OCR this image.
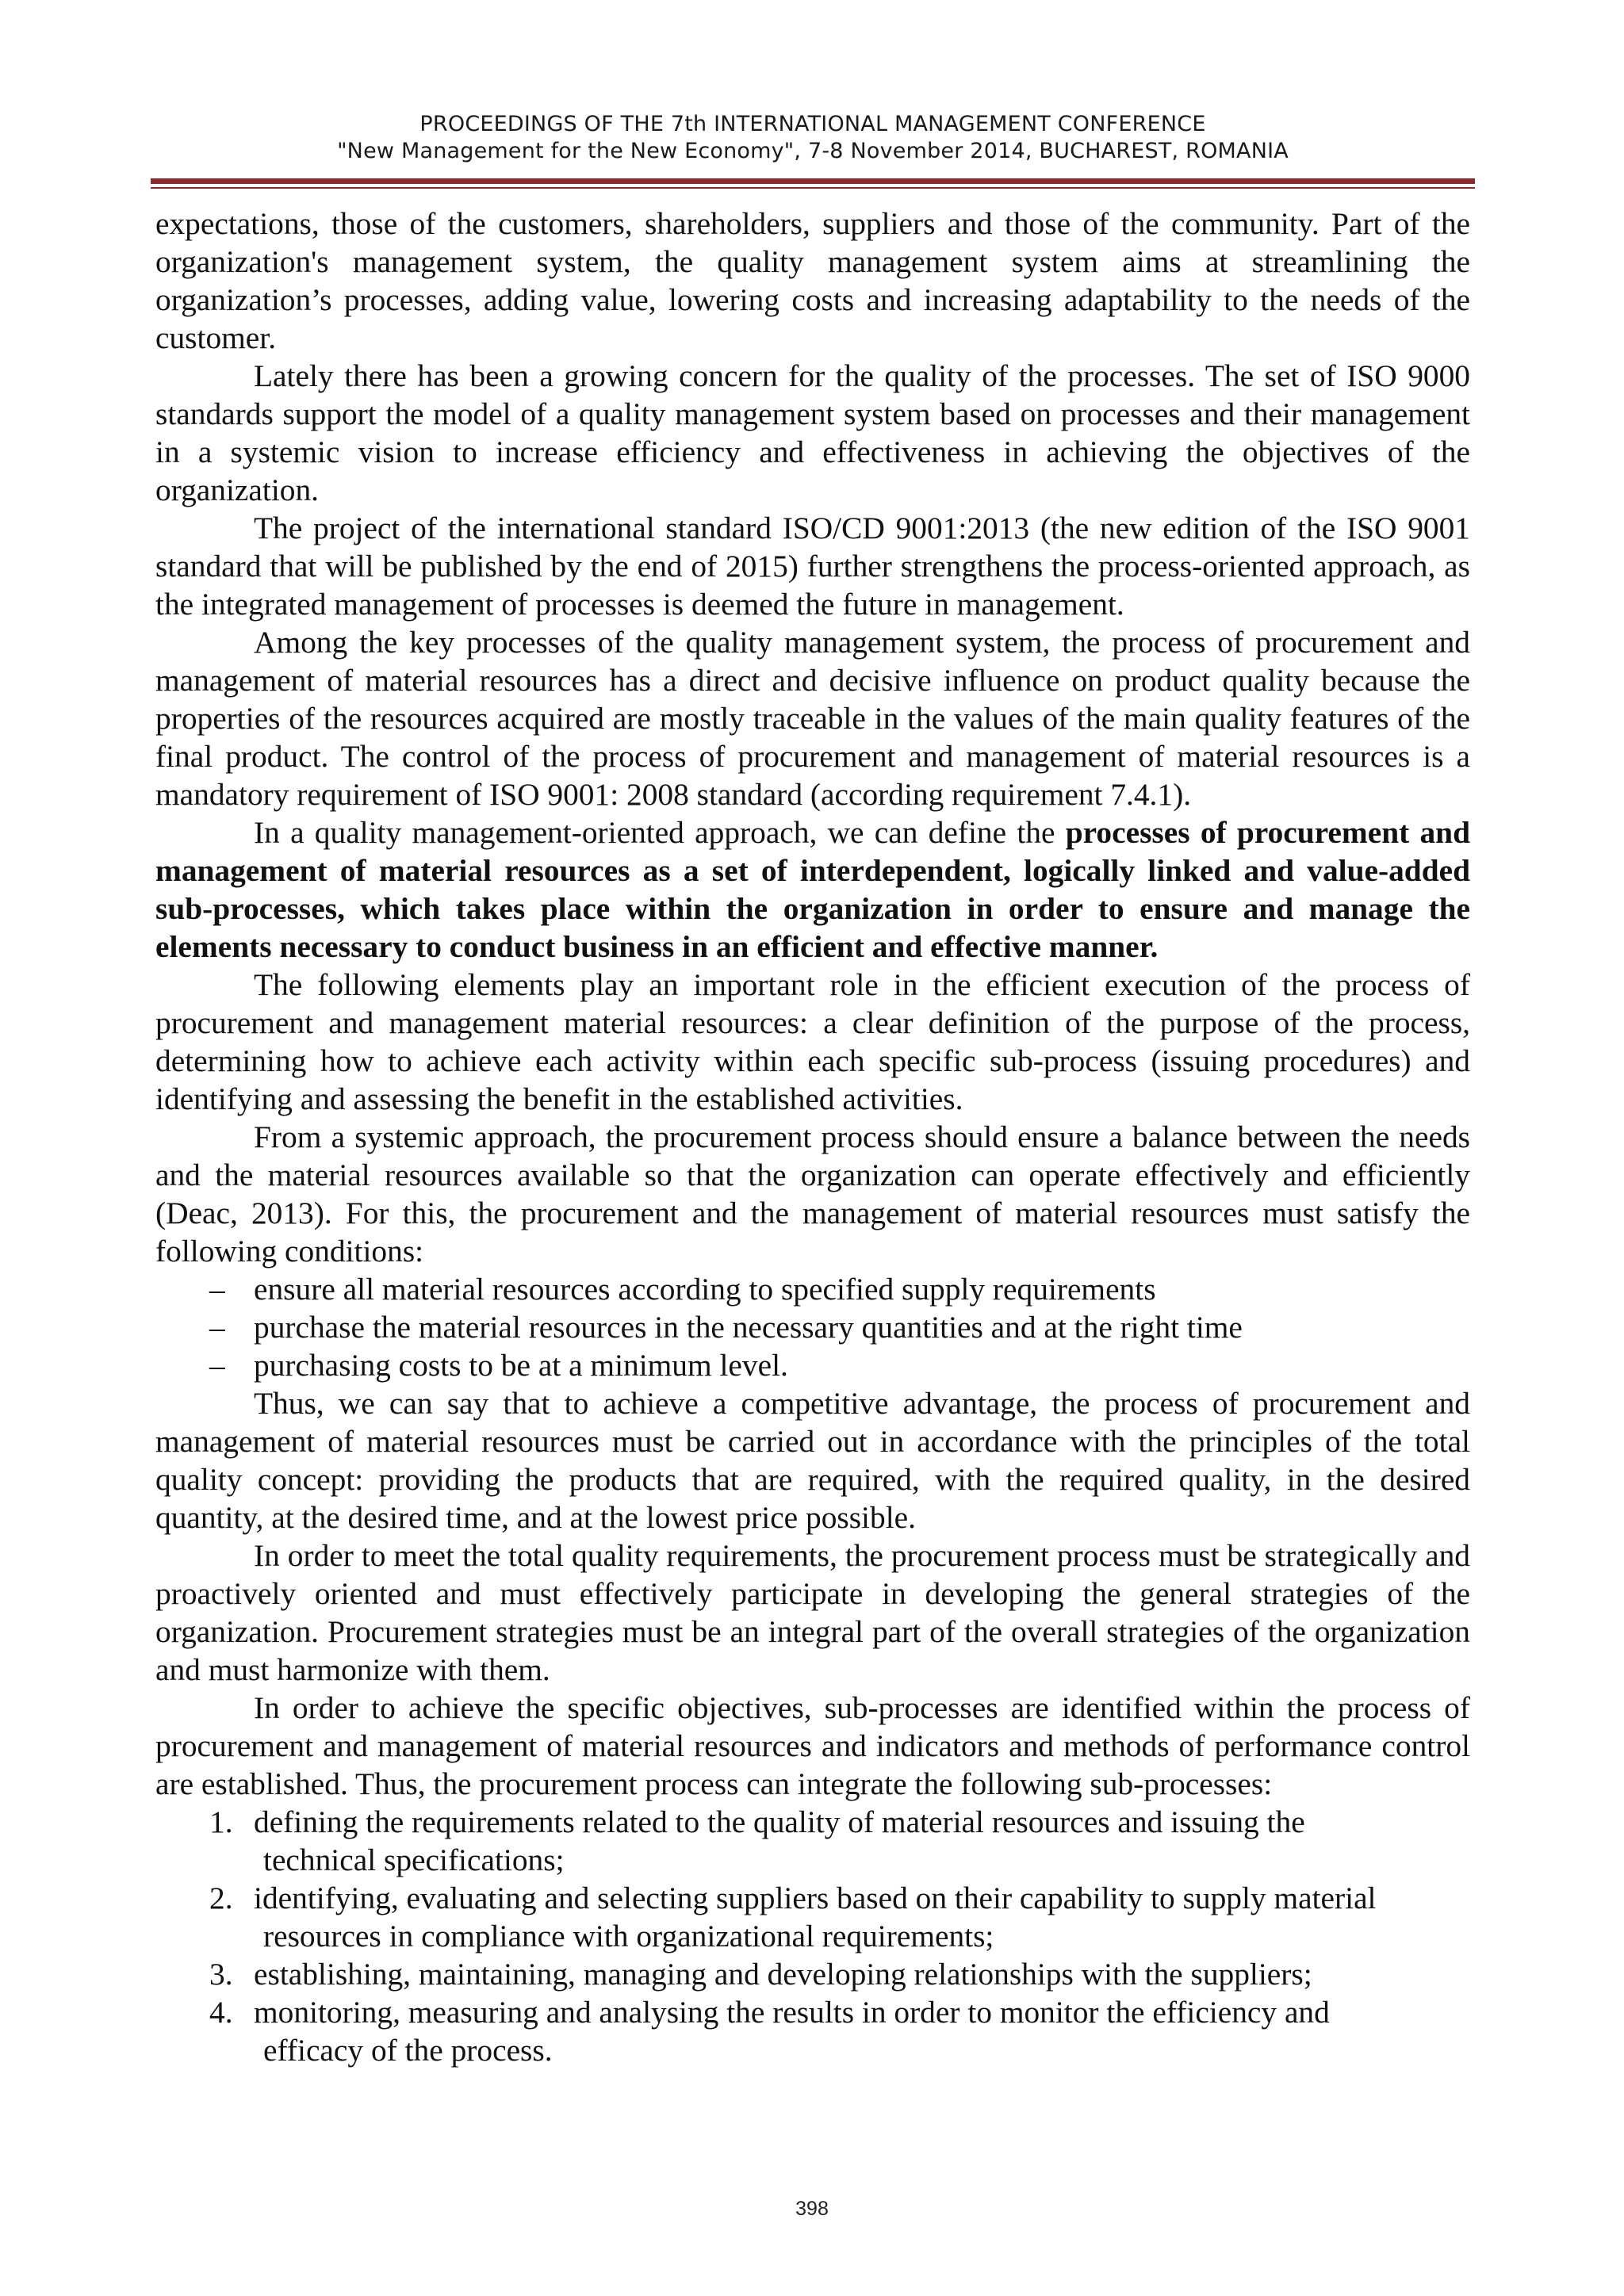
PROCEEDINGS OF THE 7th INTERNATIONAL MANAGEMENT CONFERENCE
"New Management for the New Economy", 7-8 November 2014, BUCHAREST, ROMANIA

expectations, those of the customers, shareholders, suppliers and those of the community. Part of the organization's management system, the quality management system aims at streamlining the organization’s processes, adding value, lowering costs and increasing adaptability to the needs of the customer.

Lately there has been a growing concern for the quality of the processes. The set of ISO 9000 standards support the model of a quality management system based on processes and their management in a systemic vision to increase efficiency and effectiveness in achieving the objectives of the organization.

The project of the international standard ISO/CD 9001:2013 (the new edition of the ISO 9001 standard that will be published by the end of 2015) further strengthens the process-oriented approach, as the integrated management of processes is deemed the future in management.

Among the key processes of the quality management system, the process of procurement and management of material resources has a direct and decisive influence on product quality because the properties of the resources acquired are mostly traceable in the values of the main quality features of the final product. The control of the process of procurement and management of material resources is a mandatory requirement of ISO 9001: 2008 standard (according requirement 7.4.1).

In a quality management-oriented approach, we can define the processes of procurement and management of material resources as a set of interdependent, logically linked and value-added sub-processes, which takes place within the organization in order to ensure and manage the elements necessary to conduct business in an efficient and effective manner.

The following elements play an important role in the efficient execution of the process of procurement and management material resources: a clear definition of the purpose of the process, determining how to achieve each activity within each specific sub-process (issuing procedures) and identifying and assessing the benefit in the established activities.

From a systemic approach, the procurement process should ensure a balance between the needs and the material resources available so that the organization can operate effectively and efficiently (Deac, 2013). For this, the procurement and the management of material resources must satisfy the following conditions:

– ensure all material resources according to specified supply requirements
– purchase the material resources in the necessary quantities and at the right time
– purchasing costs to be at a minimum level.

Thus, we can say that to achieve a competitive advantage, the process of procurement and management of material resources must be carried out in accordance with the principles of the total quality concept: providing the products that are required, with the required quality, in the desired quantity, at the desired time, and at the lowest price possible.

In order to meet the total quality requirements, the procurement process must be strategically and proactively oriented and must effectively participate in developing the general strategies of the organization. Procurement strategies must be an integral part of the overall strategies of the organization and must harmonize with them.

In order to achieve the specific objectives, sub-processes are identified within the process of procurement and management of material resources and indicators and methods of performance control are established. Thus, the procurement process can integrate the following sub-processes:

1. defining the requirements related to the quality of material resources and issuing the
technical specifications;
2. identifying, evaluating and selecting suppliers based on their capability to supply material
resources in compliance with organizational requirements;
3. establishing, maintaining, managing and developing relationships with the suppliers;
4. monitoring, measuring and analysing the results in order to monitor the efficiency and
efficacy of the process.
398
